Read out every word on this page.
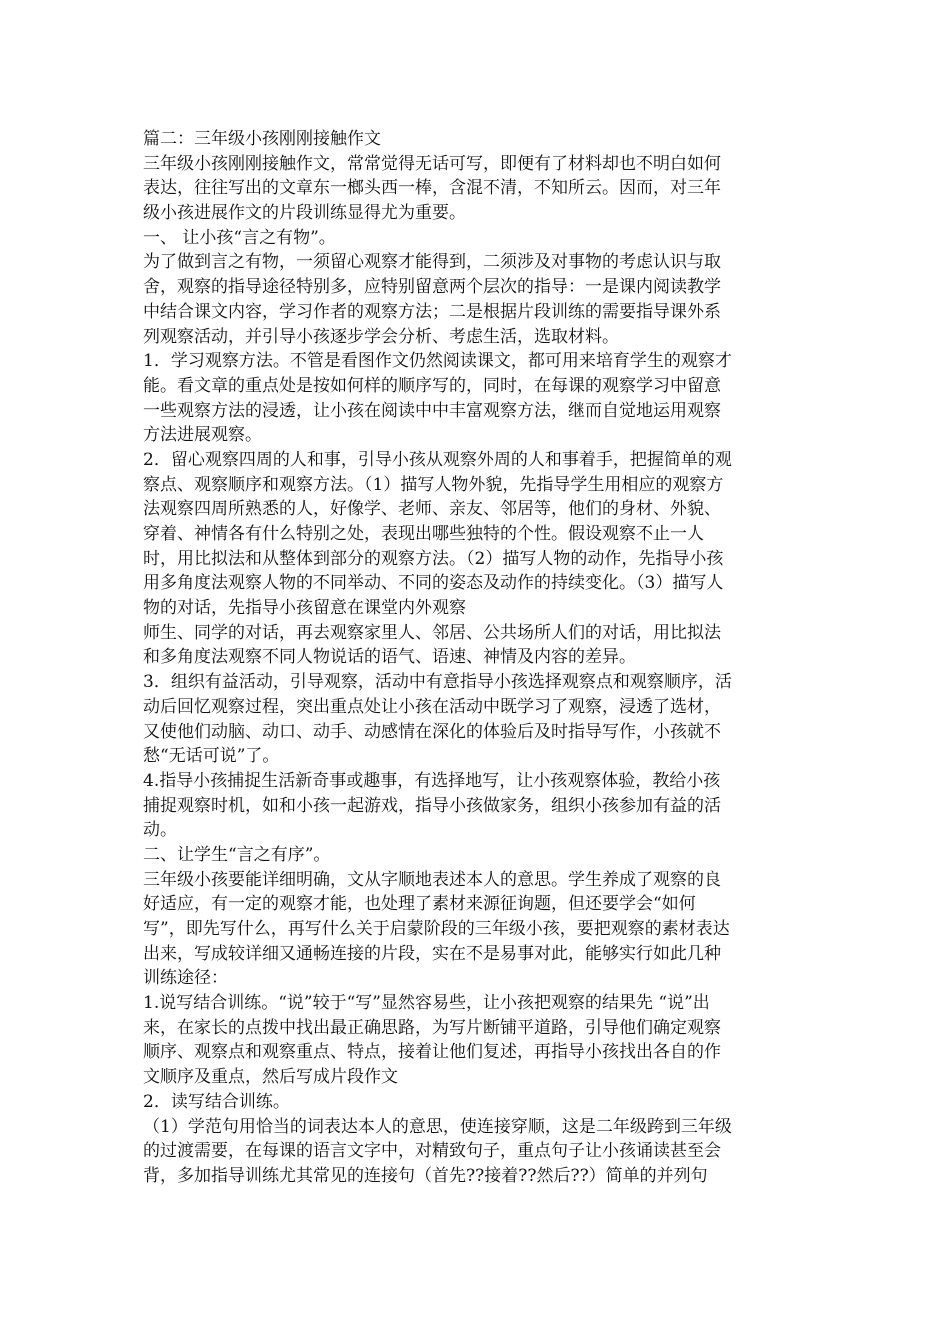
篇二：三年级小孩刚刚接触作文

三年级小孩刚刚接触作文，常常觉得无话可写，即便有了材料却也不明白如何

表达，往往写出的文章东一榔头西一棒，含混不清，不知所云。因而，对三年

级小孩进展作文的片段训练显得尤为重要。

一、 让小孩“言之有物”。

为了做到言之有物，一须留心观察才能得到，二须涉及对事物的考虑认识与取

舍，观察的指导途径特别多，应特别留意两个层次的指导：一是课内阅读教学

中结合课文内容，学习作者的观察方法；二是根据片段训练的需要指导课外系

列观察活动，并引导小孩逐步学会分析、考虑生活，选取材料。

1．学习观察方法。不管是看图作文仍然阅读课文，都可用来培育学生的观察才

能。看文章的重点处是按如何样的顺序写的，同时，在每课的观察学习中留意

一些观察方法的浸透，让小孩在阅读中中丰富观察方法，继而自觉地运用观察

方法进展观察。

2．留心观察四周的人和事，引导小孩从观察外周的人和事着手，把握简单的观

察点、观察顺序和观察方法。（1）描写人物外貌，先指导学生用相应的观察方

法观察四周所熟悉的人，好像学、老师、亲友、邻居等，他们的身材、外貌、

穿着、神情各有什么特别之处，表现出哪些独特的个性。假设观察不止一人

时，用比拟法和从整体到部分的观察方法。（2）描写人物的动作，先指导小孩

用多角度法观察人物的不同举动、不同的姿态及动作的持续变化。（3）描写人

物的对话，先指导小孩留意在课堂内外观察

师生、同学的对话，再去观察家里人、邻居、公共场所人们的对话，用比拟法

和多角度法观察不同人物说话的语气、语速、神情及内容的差异。

3．组织有益活动，引导观察，活动中有意指导小孩选择观察点和观察顺序，活

动后回忆观察过程，突出重点处让小孩在活动中既学习了观察，浸透了选材，

又使他们动脑、动口、动手、动感情在深化的体验后及时指导写作，小孩就不

愁“无话可说”了。

4.指导小孩捕捉生活新奇事或趣事，有选择地写，让小孩观察体验，教给小孩

捕捉观察时机，如和小孩一起游戏，指导小孩做家务，组织小孩参加有益的活

动。

二、让学生“言之有序”。

三年级小孩要能详细明确，文从字顺地表述本人的意思。学生养成了观察的良

好适应，有一定的观察才能，也处理了素材来源征询题，但还要学会“如何

写”，即先写什么，再写什么关于启蒙阶段的三年级小孩，要把观察的素材表达

出来，写成较详细又通畅连接的片段，实在不是易事对此，能够实行如此几种

训练途径：

1.说写结合训练。“说”较于“写”显然容易些，让小孩把观察的结果先 “说”出

来，在家长的点拨中找出最正确思路，为写片断铺平道路，引导他们确定观察

顺序、观察点和观察重点、特点，接着让他们复述，再指导小孩找出各自的作

文顺序及重点，然后写成片段作文

2．读写结合训练。

（1）学范句用恰当的词表达本人的意思，使连接穿顺，这是二年级跨到三年级

的过渡需要，在每课的语言文字中，对精致句子，重点句子让小孩诵读甚至会

背，多加指导训练尤其常见的连接句（首先??接着??然后??）简单的并列句
